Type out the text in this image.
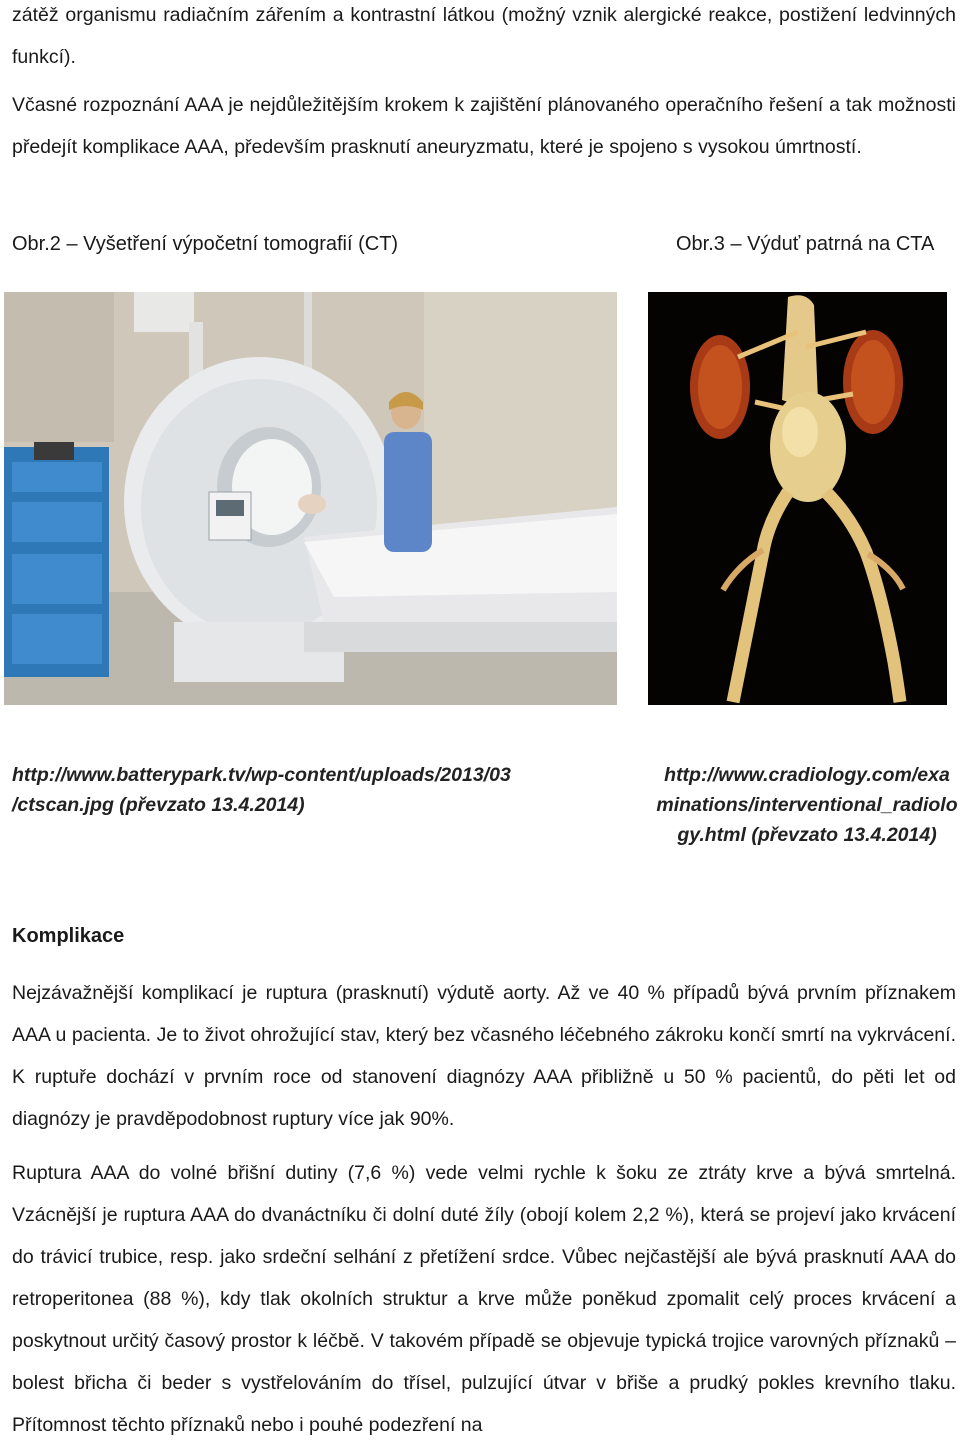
zátěž organismu radiačním zářením a kontrastní látkou (možný vznik alergické reakce, postižení ledvinných funkcí).

Včasné rozpoznání AAA je nejdůležitějším krokem k zajištění plánovaného operačního řešení a tak možnosti předejít komplikace AAA, především prasknutí aneuryzmatu, které je spojeno s vysokou úmrtností.

Obr.2 – Vyšetření výpočetní tomografií (CT)	Obr.3 – Výduť patrná na CTA
http://www.batterypark.tv/wp-content/uploads/2013/03
/ctscan.jpg (převzato 13.4.2014)
http://www.cradiology.com/exa
minations/interventional_radiolo
gy.html (převzato 13.4.2014)
Komplikace

Nejzávažnější komplikací je ruptura (prasknutí) výdutě aorty. Až ve 40 % případů bývá prvním příznakem AAA u pacienta. Je to život ohrožující stav, který bez včasného léčebného zákroku končí smrtí na vykrvácení. K ruptuře dochází v prvním roce od stanovení diagnózy AAA přibližně u 50 % pacientů, do pěti let od diagnózy je pravděpodobnost ruptury více jak 90%.

Ruptura AAA do volné břišní dutiny (7,6 %) vede velmi rychle k šoku ze ztráty krve a bývá smrtelná. Vzácnější je ruptura AAA do dvanáctníku či dolní duté žíly (obojí kolem 2,2 %), která se projeví jako krvácení do trávicí trubice, resp. jako srdeční selhání z přetížení srdce. Vůbec nejčastější ale bývá prasknutí AAA do retroperitonea (88 %), kdy tlak okolních struktur a krve může poněkud zpomalit celý proces krvácení a poskytnout určitý časový prostor k léčbě. V takovém případě se objevuje typická trojice varovných příznaků – bolest břicha či beder s vystřelováním do třísel, pulzující útvar v břiše a prudký pokles krevního tlaku. Přítomnost těchto příznaků nebo i pouhé podezření na
